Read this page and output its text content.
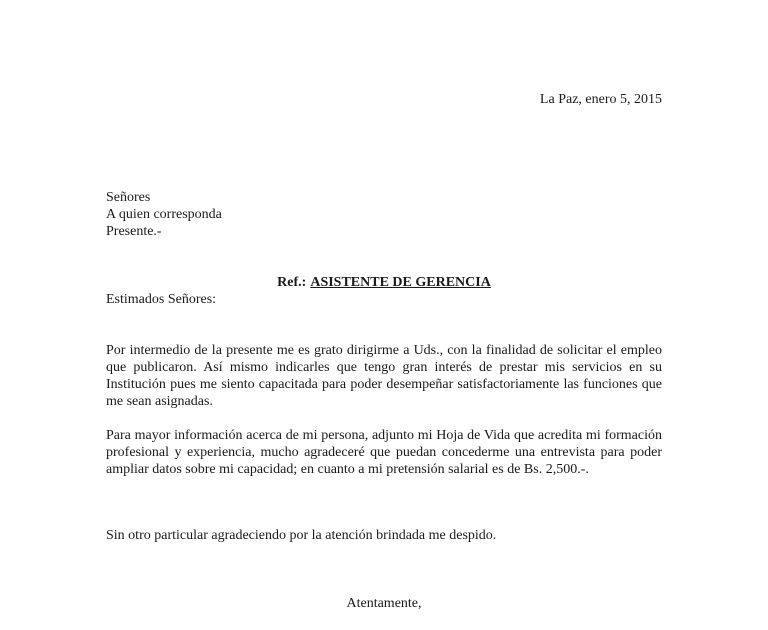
La Paz, enero 5, 2015
Señores
A quien corresponda
Presente.-
Ref.: ASISTENTE DE GERENCIA
Estimados Señores:
Por intermedio de la presente me es grato dirigirme a Uds., con la finalidad de solicitar el empleo que publicaron. Así mismo indicarles que tengo gran interés de prestar mis servicios en su Institución pues me siento capacitada para poder desempeñar satisfactoriamente las funciones que me sean asignadas.
Para mayor información acerca de mi persona, adjunto mi Hoja de Vida que acredita mi formación profesional y experiencia, mucho agradeceré que puedan concederme una entrevista para poder ampliar datos sobre mi capacidad; en cuanto a mi pretensión salarial es de Bs. 2,500.-.
Sin otro particular agradeciendo por la atención brindada me despido.
Atentamente,
